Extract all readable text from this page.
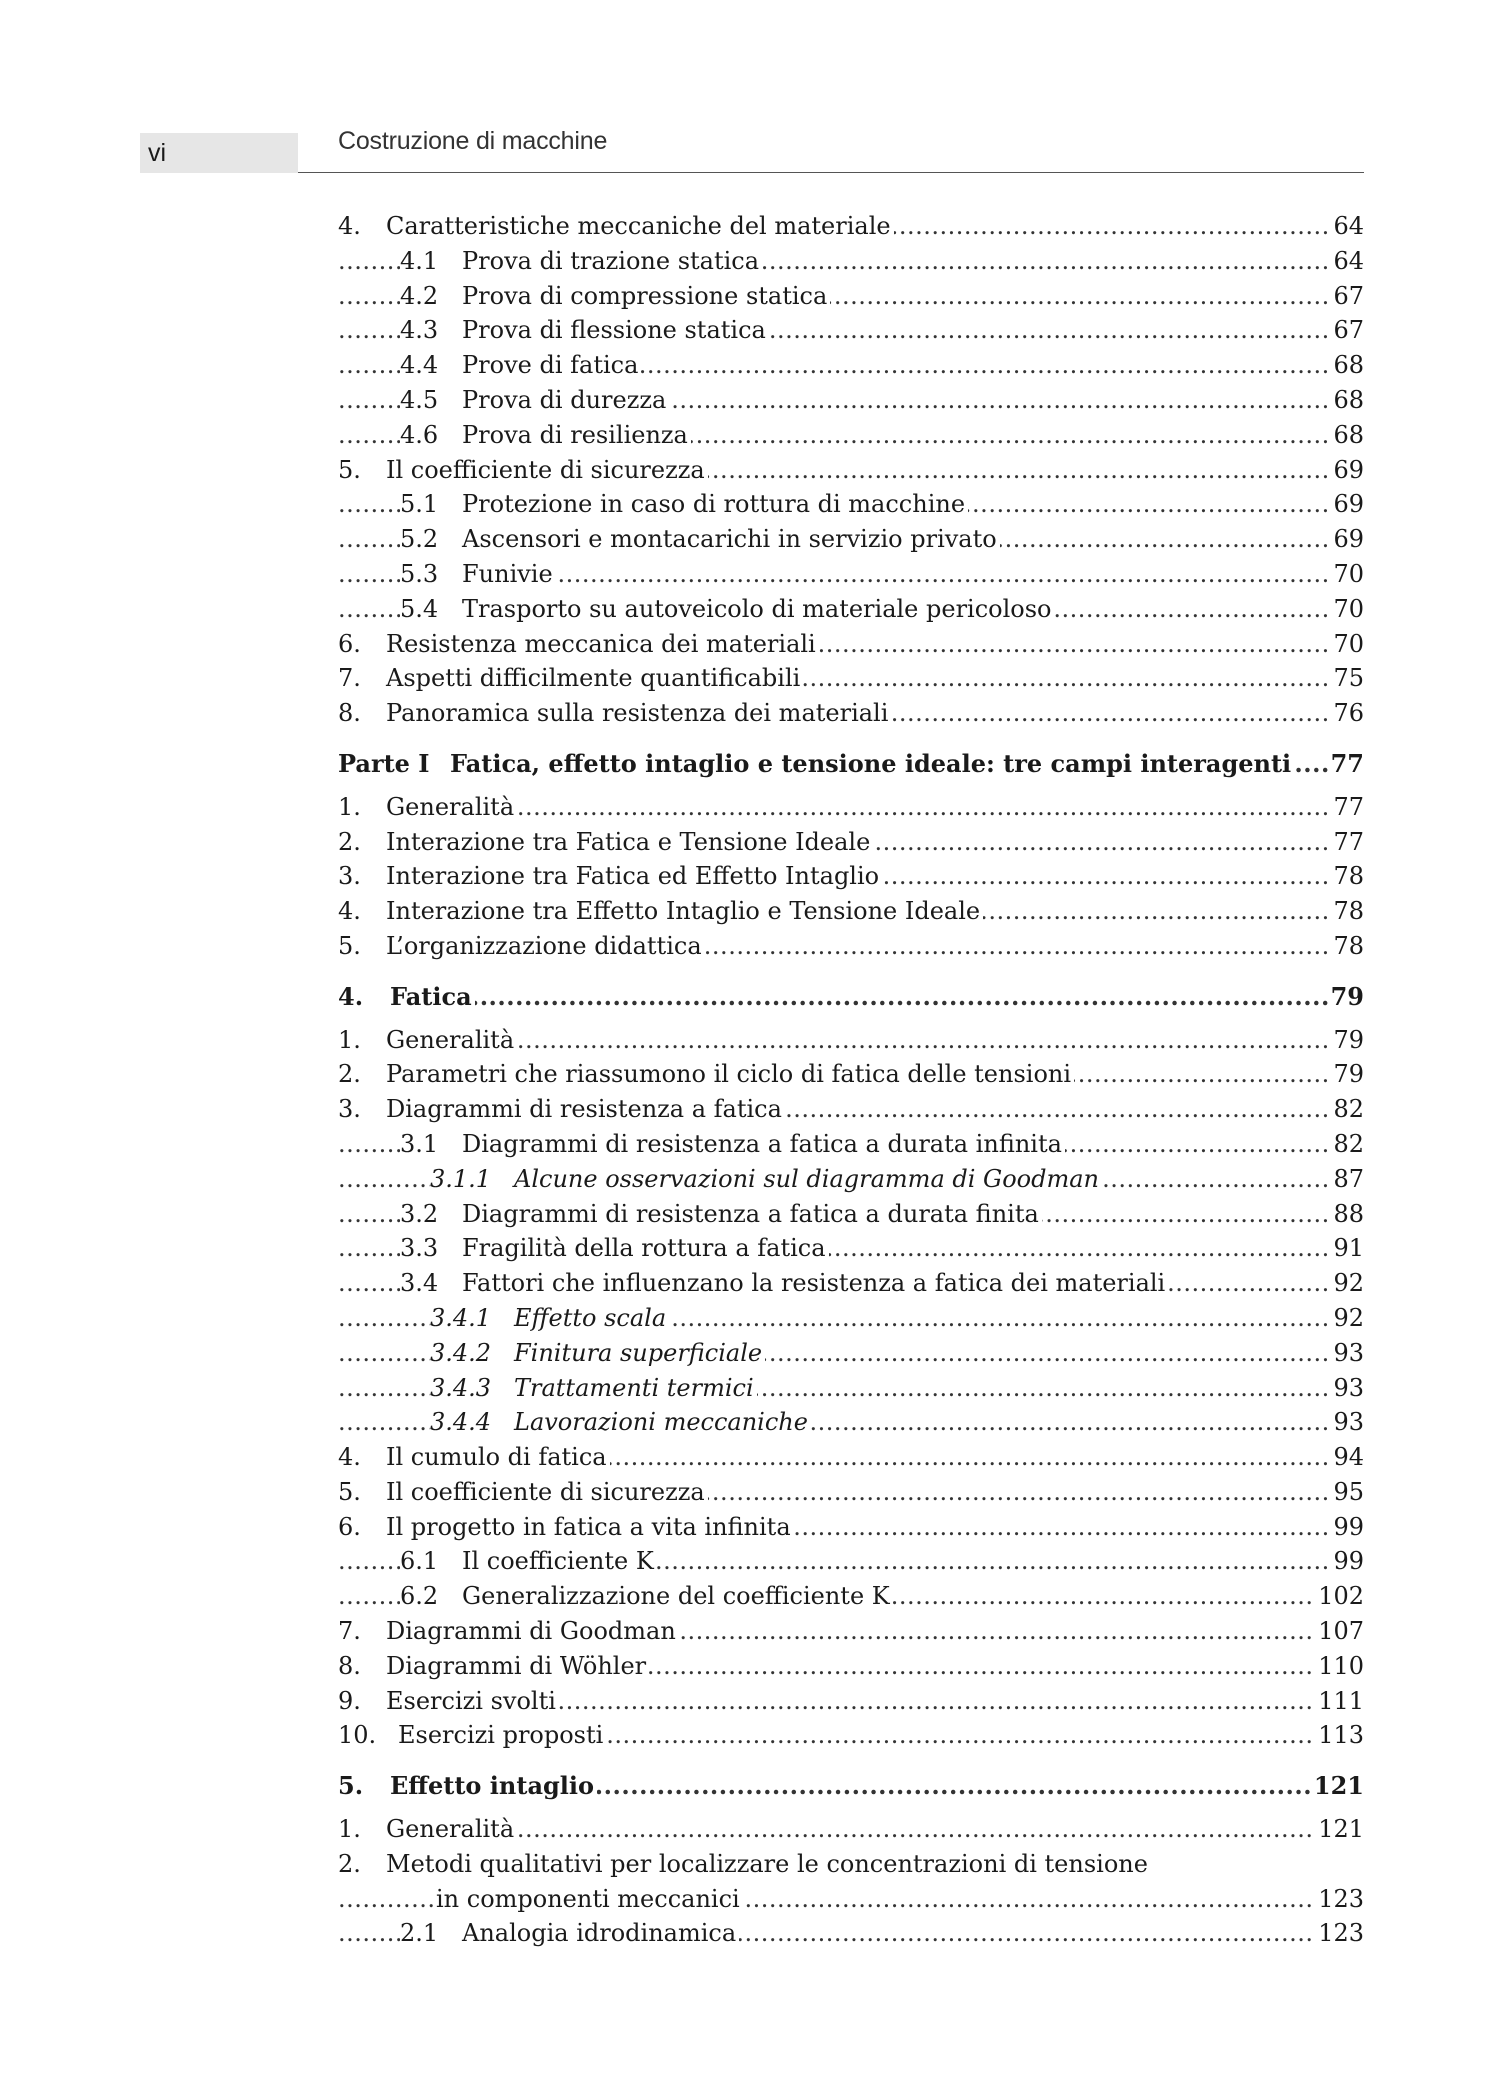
vi	Costruzione di macchine
.....
4. Caratteristiche meccaniche del materiale	64
.....
4.1 Prova di trazione statica	64
.....
4.2 Prova di compressione statica	67
.....
4.3 Prova di flessione statica	67
.....
4.4 Prove di fatica	68
.....
4.5 Prova di durezza	68
.....
4.6 Prova di resilienza	68
.....
5. Il coefficiente di sicurezza	69
.....
5.1 Protezione in caso di rottura di macchine	69
.....
5.2 Ascensori e montacarichi in servizio privato	69
.....
5.3 Funivie	70
.....
5.4 Trasporto su autoveicolo di materiale pericoloso	70
.....
6. Resistenza meccanica dei materiali	70
.....
7. Aspetti difficilmente quantificabili	75
.....
8. Panoramica sulla resistenza dei materiali	76
.....
Parte I Fatica, effetto intaglio e tensione ideale: tre campi interagenti 77
.....
1. Generalità	77
.....
2. Interazione tra Fatica e Tensione Ideale	77
.....
3. Interazione tra Fatica ed Effetto Intaglio	78
.....
4. Interazione tra Effetto Intaglio e Tensione Ideale	78
.....
5. L’organizzazione didattica	78
.....
4. Fatica	79
.....
1. Generalità	79
.....
2. Parametri che riassumono il ciclo di fatica delle tensioni	79
.....
3. Diagrammi di resistenza a fatica	82
.....
3.1 Diagrammi di resistenza a fatica a durata infinita	82
.....
3.1.1 Alcune osservazioni sul diagramma di Goodman	87
.....
3.2 Diagrammi di resistenza a fatica a durata finita	88
.....
3.3 Fragilità della rottura a fatica	91
.....
3.4 Fattori che influenzano la resistenza a fatica dei materiali	92
.....
3.4.1 Effetto scala	92
.....
3.4.2 Finitura superficiale	93
.....
3.4.3 Trattamenti termici	93
.....
3.4.4 Lavorazioni meccaniche	93
.....
4. Il cumulo di fatica	94
.....
5. Il coefficiente di sicurezza	95
.....
6. Il progetto in fatica a vita infinita	99
.....
6.1 Il coefficiente K	99
.....
6.2 Generalizzazione del coefficiente K	102
.....
7. Diagrammi di Goodman	107
.....
8. Diagrammi di Wöhler	110
.....
9. Esercizi svolti	111
.....
10. Esercizi proposti	113
.....
5. Effetto intaglio	121
.....
1. Generalità	121
2. Metodi qualitativi per localizzare le concentrazioni di tensione
.....
in componenti meccanici	123
.....
2.1 Analogia idrodinamica	123
